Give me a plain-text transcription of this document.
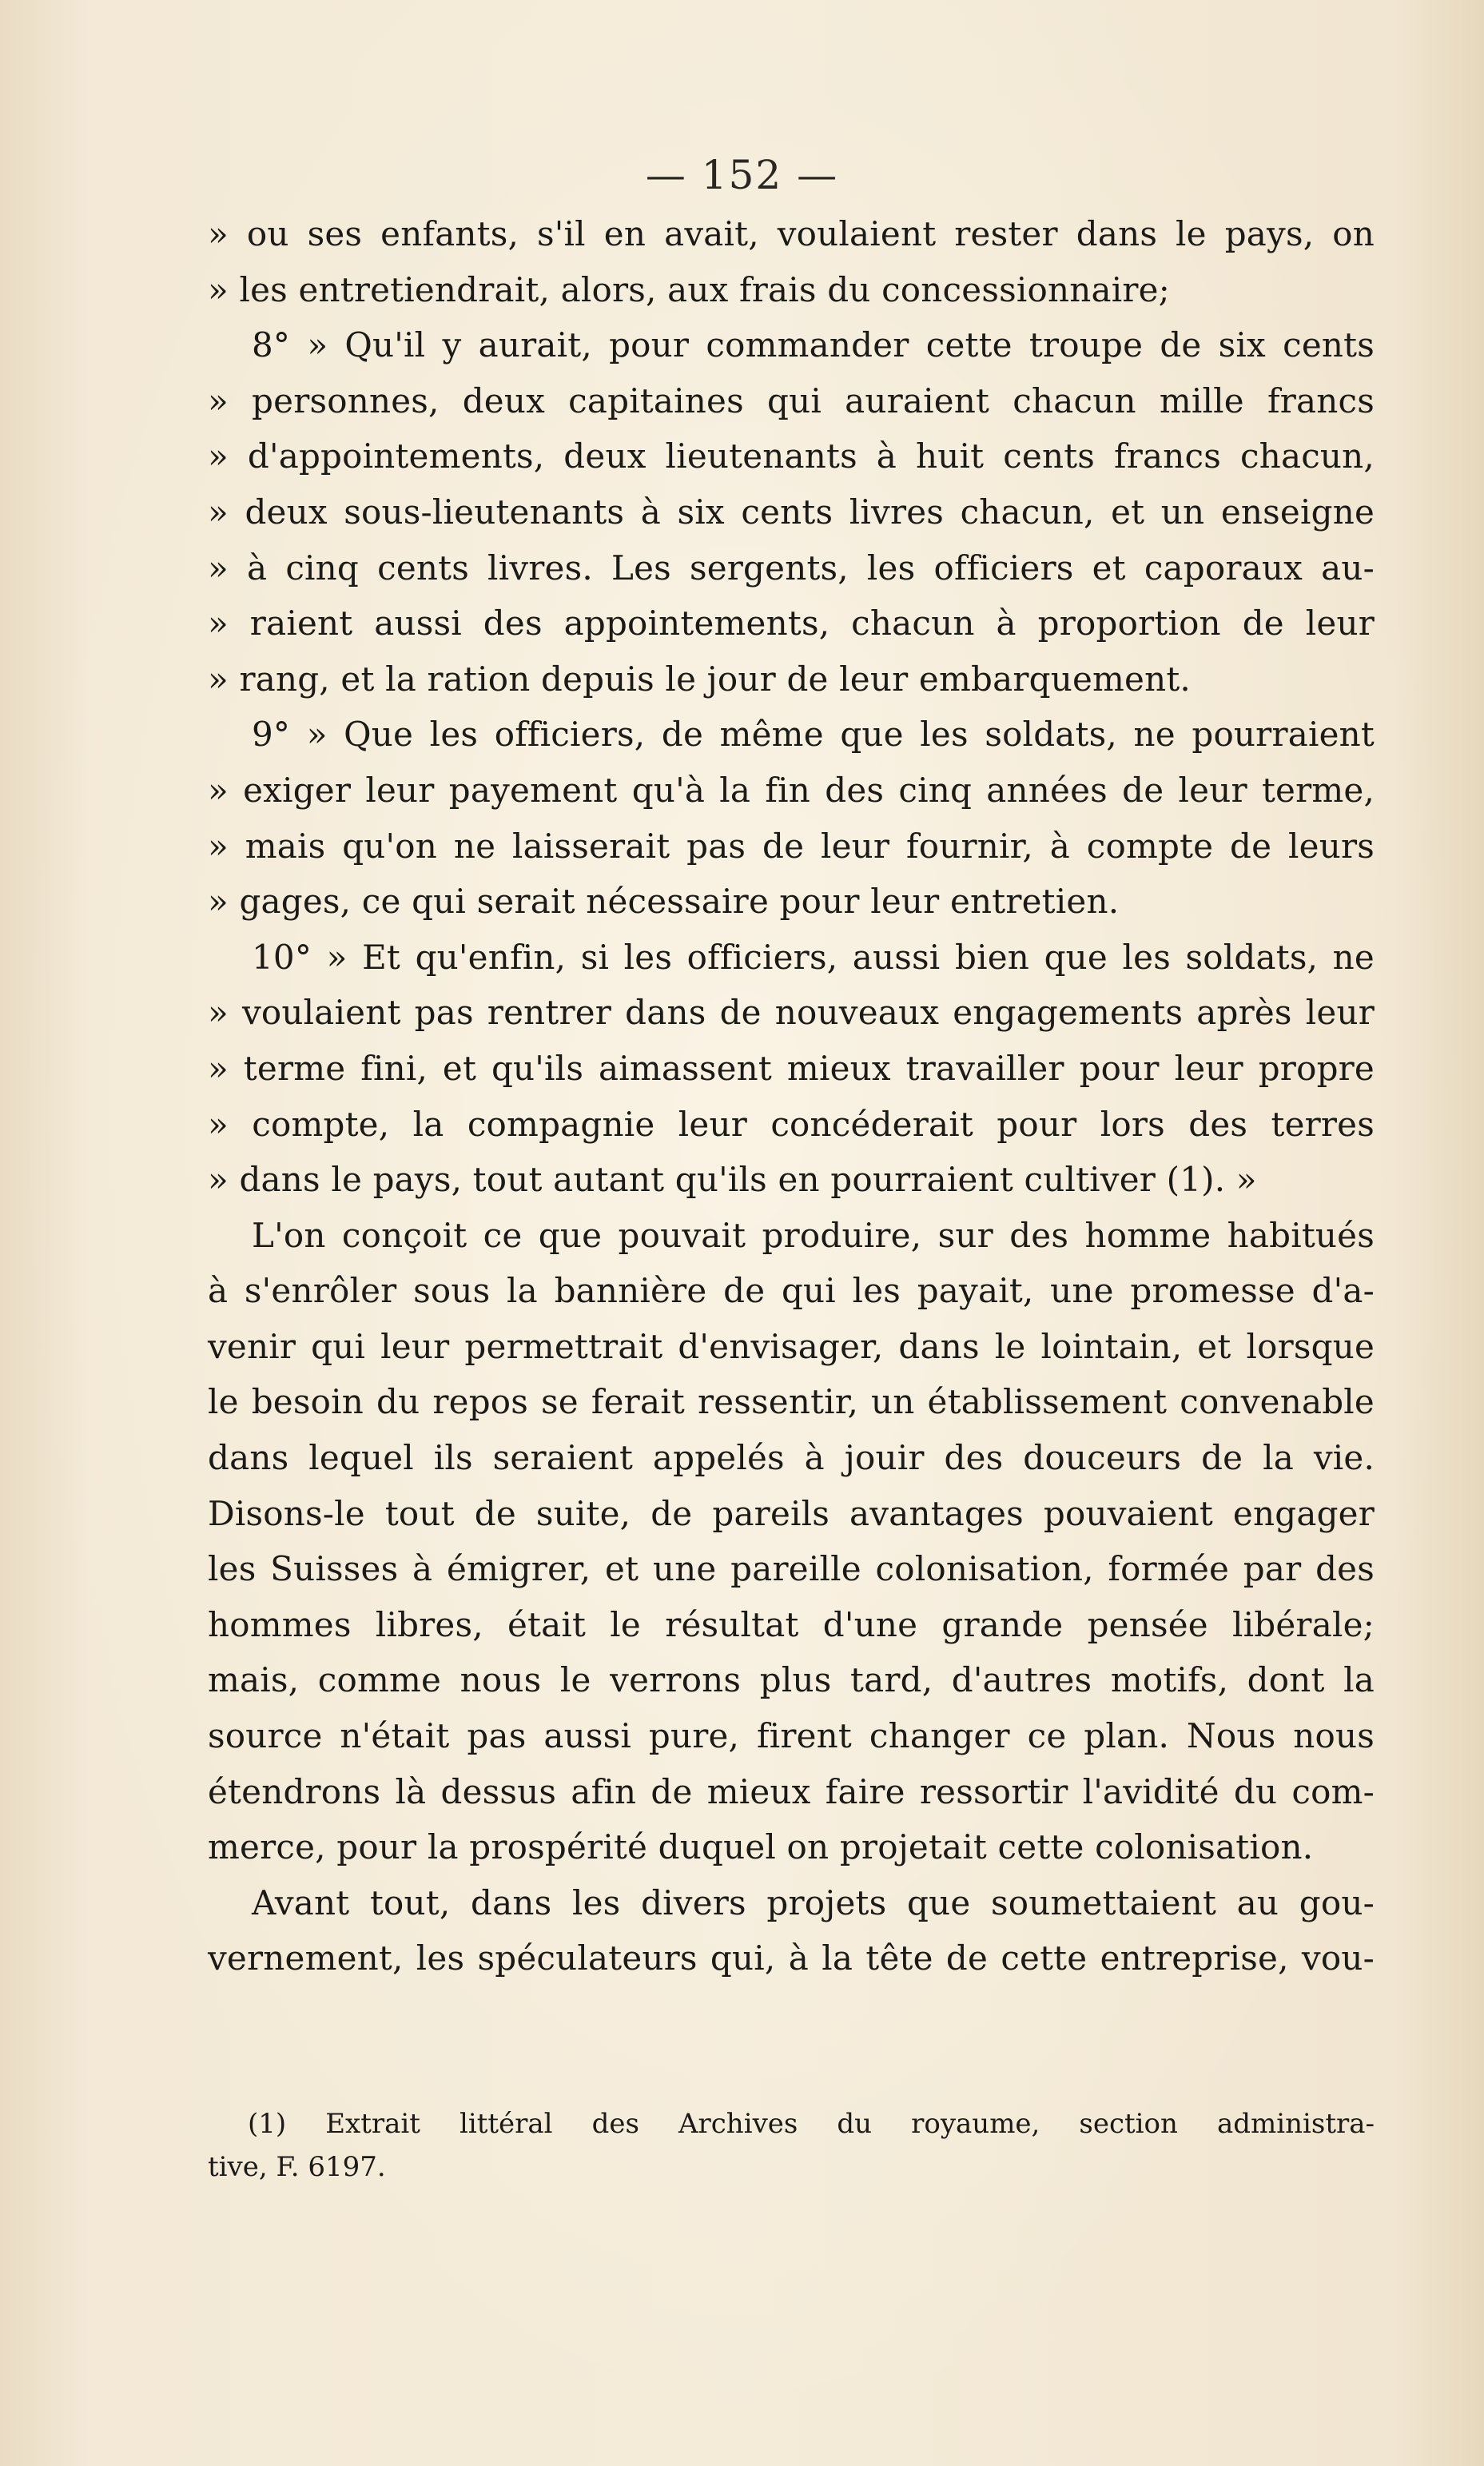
— 152 —
» ou ses enfants, s'il en avait, voulaient rester dans le pays, on
» les entretiendrait, alors, aux frais du concessionnaire;
8° » Qu'il y aurait, pour commander cette troupe de six cents
» personnes, deux capitaines qui auraient chacun mille francs
» d'appointements, deux lieutenants à huit cents francs chacun,
» deux sous-lieutenants à six cents livres chacun, et un enseigne
» à cinq cents livres. Les sergents, les officiers et caporaux au-
» raient aussi des appointements, chacun à proportion de leur
» rang, et la ration depuis le jour de leur embarquement.
9° » Que les officiers, de même que les soldats, ne pourraient
» exiger leur payement qu'à la fin des cinq années de leur terme,
» mais qu'on ne laisserait pas de leur fournir, à compte de leurs
» gages, ce qui serait nécessaire pour leur entretien.
10° » Et qu'enfin, si les officiers, aussi bien que les soldats, ne
» voulaient pas rentrer dans de nouveaux engagements après leur
» terme fini, et qu'ils aimassent mieux travailler pour leur propre
» compte, la compagnie leur concéderait pour lors des terres
» dans le pays, tout autant qu'ils en pourraient cultiver (1). »
L'on conçoit ce que pouvait produire, sur des homme habitués
à s'enrôler sous la bannière de qui les payait, une promesse d'a-
venir qui leur permettrait d'envisager, dans le lointain, et lorsque
le besoin du repos se ferait ressentir, un établissement convenable
dans lequel ils seraient appelés à jouir des douceurs de la vie.
Disons-le tout de suite, de pareils avantages pouvaient engager
les Suisses à émigrer, et une pareille colonisation, formée par des
hommes libres, était le résultat d'une grande pensée libérale;
mais, comme nous le verrons plus tard, d'autres motifs, dont la
source n'était pas aussi pure, firent changer ce plan. Nous nous
étendrons là dessus afin de mieux faire ressortir l'avidité du com-
merce, pour la prospérité duquel on projetait cette colonisation.
Avant tout, dans les divers projets que soumettaient au gou-
vernement, les spéculateurs qui, à la tête de cette entreprise, vou-
(1) Extrait littéral des Archives du royaume, section administra-
tive, F. 6197.
